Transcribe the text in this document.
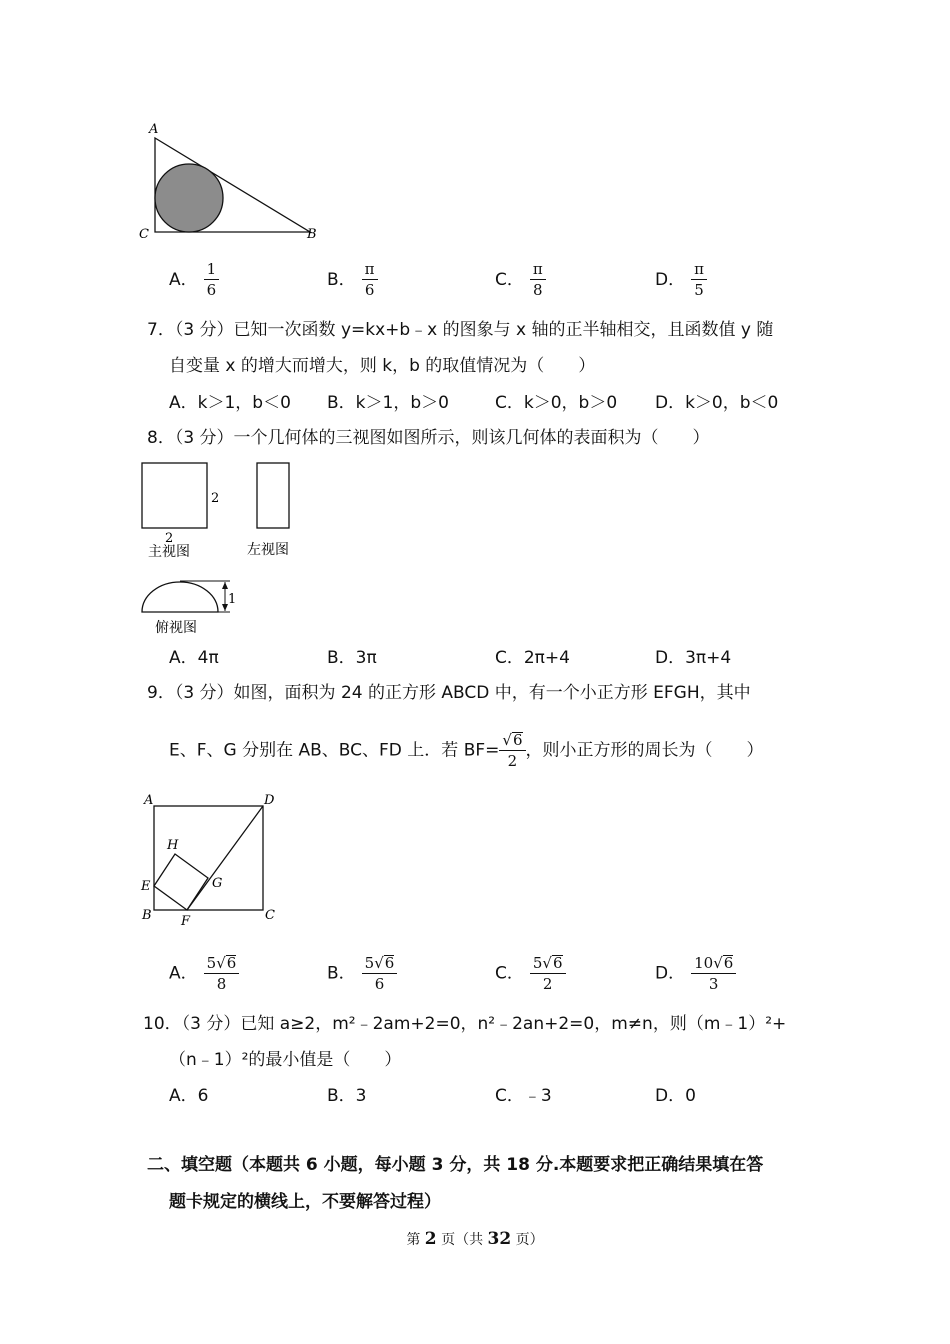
A
C	B
A． $\frac{1}{6}$	B． $\frac{\pi}{6}$	C． $\frac{\pi}{8}$	D． $\frac{\pi}{5}$
7．（3 分）已知一次函数 y=kx+b﹣x 的图象与 x 轴的正半轴相交，且函数值 y 随
自变量 x 的增大而增大，则 k，b 的取值情况为（　　）
A．k＞1，b＜0 B．k＞1，b＞0	C．k＞0，b＞0 D．k＞0，b＜0
8．（3 分）一个几何体的三视图如图所示，则该几何体的表面积为（　　）
2
2
主视图	左视图
1
俯视图
A．4π	B．3π	C．2π+4	D．3π+4
9．（3 分）如图，面积为 24 的正方形 ABCD 中，有一个小正方形 EFGH，其中
E、F、G 分别在 AB、BC、FD 上．若 $BF= \frac{√6}{2}$ ，则小正方形的周长为（　　）
A	D
H
E	G
B F	C
A． $\frac{5√6}{8}$	B． $\frac{5√6}{6}$	C． $\frac{5√6}{2}$	D． $\frac{10√6}{3}$
10．（3 分）已知 a≥2，m²﹣2am+2=0，n²﹣2an+2=0，m≠n，则（m﹣1）²+
（n﹣1）²的最小值是（　　）
A．6	B．3	C．﹣3	D．0
二、填空题（本题共 6 小题，每小题 3 分，共 18 分.本题要求把正确结果填在答
题卡规定的横线上，不要解答过程）
第 2 页（共 32 页）
